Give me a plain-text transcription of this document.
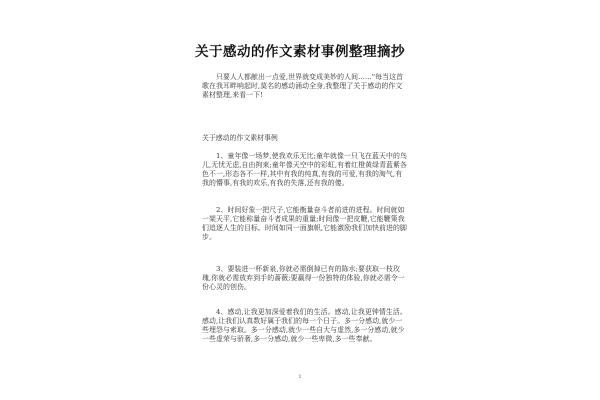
关于感动的作文素材事例整理摘抄

只要人人都献出一点爱,世界就变成美妙的人间......"每当这首歌在我耳畔响起时,莫名的感动涌动全身,我整理了关于感动的作文素材整理,来看一下!

关于感动的作文素材事例

1、童年像一场梦,使我欢乐无比;童年就像一只飞在蓝天中的鸟儿,无忧无虑,自由拘束;童年像天空中的彩虹,有着红橙黄绿青蓝紫各色不一,形态各不一样,其中有我的纯真,有我的可爱,有我的淘气,有我的懵事,有我的欢乐,有我的失落,还有我的傻。

2、时间好象一把尺子,它能衡量奋斗者前进的进程。时间就如一架天平,它能称量奋斗者成果的重量;时间像一把皮鞭,它能鞭策我们追逐人生的目标。时间如同一面旗帜,它能激励我们加快前进的脚步。

3、要装进一杯新泉,你就必需倒掉已有的陈水;要获取一枝玫瑰,你就必需放弃到手的蔷薇;要赢得一份独特的体验,你就必需令一份心灵的创伤。

4、感动,让我更加深爱着我们的生活。感动,让我更钟情生活。感动,让我们认真数好属于我们的每一个日子。多一分感动,就少一些埋怨与索取。多一分感动,就少一些自大与虚然,多一分感动,就少一些虚荣与骄奢,多一分感动,就少一些卑微,多一些奉献。

1
